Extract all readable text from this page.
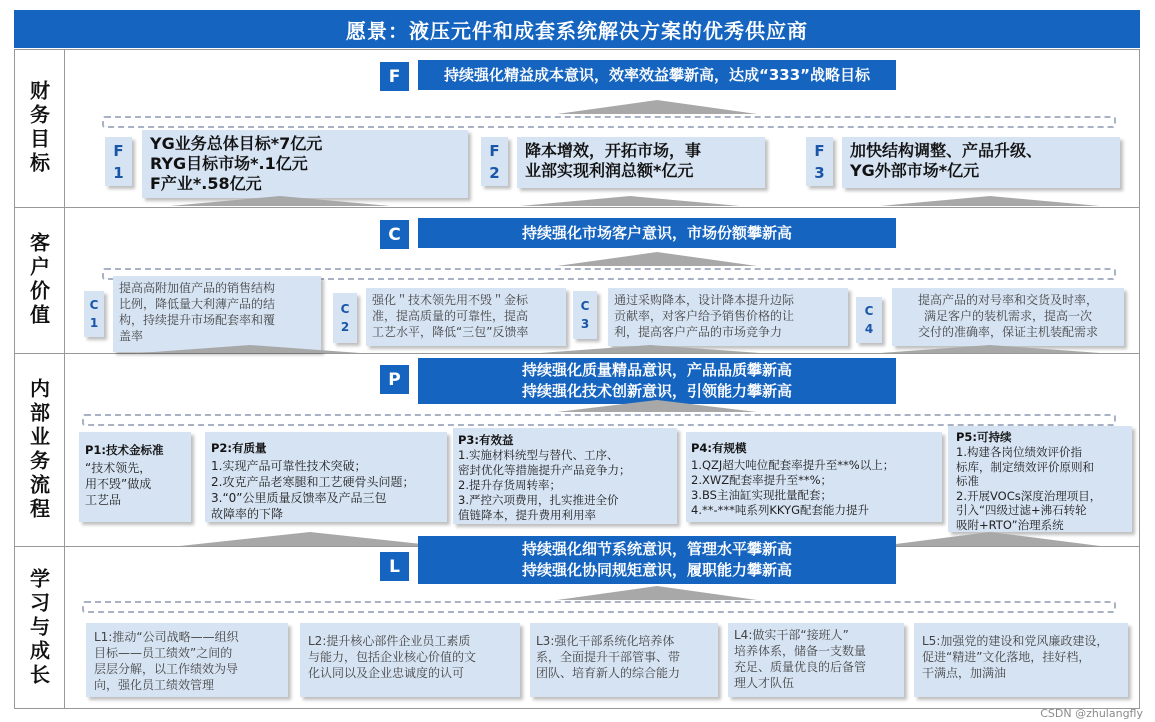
愿景：液压元件和成套系统解决方案的优秀供应商
财务目标
客户价值
内部业务流程
学习与成长
F	持续强化精益成本意识，效率效益攀新高，达成“333”战略目标
F
1
YG业务总体目标*7亿元
RYG目标市场*.1亿元
F产业*.58亿元
F
2
降本增效，开拓市场，事
业部实现利润总额*亿元
F
3
加快结构调整、产品升级、
YG外部市场*亿元
C	持续强化市场客户意识，市场份额攀新高
C
1
提高高附加值产品的销售结构
比例，降低量大利薄产品的结
构，持续提升市场配套率和覆
盖率
C
2
强化＂技术领先用不毁＂金标
准，提高质量的可靠性，提高
工艺水平，降低“三包”反馈率
C
3
通过采购降本，设计降本提升边际
贡献率，对客户给予销售价格的让
利，提高客户产品的市场竞争力
C
4
提高产品的对号率和交货及时率，
满足客户的装机需求，提高一次
交付的准确率，保证主机装配需求
P	持续强化质量精品意识，产品品质攀新高
持续强化技术创新意识，引领能力攀新高
P1:技术金标准
“技术领先，
用不毁”做成
工艺品
P2:有质量
1.实现产品可靠性技术突破；
2.攻克产品老寒腿和工艺硬骨头问题；
3.“0”公里质量反馈率及产品三包
故障率的下降
P3:有效益
1.实施材料统型与替代、工序、
密封优化等措施提升产品竞争力；
2.提升存货周转率；
3.严控六项费用，扎实推进全价
值链降本，提升费用利用率
P4:有规模
1.QZJ超大吨位配套率提升至**%以上；
2.XWZ配套率提升至**%；
3.BS主油缸实现批量配套；
4.**-***吨系列KKYG配套能力提升
P5:可持续
1.构建各岗位绩效评价指
标库，制定绩效评价原则和
标准
2.开展VOCs深度治理项目，
引入“四级过滤+沸石转轮
吸附+RTO”治理系统
L
持续强化细节系统意识，管理水平攀新高
持续强化协同规矩意识，履职能力攀新高
L1:推动“公司战略——组织
目标——员工绩效”之间的
层层分解，以工作绩效为导
向，强化员工绩效管理
L2:提升核心部件企业员工素质
与能力，包括企业核心价值的文
化认同以及企业忠诚度的认可
L3:强化干部系统化培养体
系，全面提升干部管事、带
团队、培育新人的综合能力
L4:做实干部“接班人”
培养体系，储备一支数量
充足、质量优良的后备管
理人才队伍
L5:加强党的建设和党风廉政建设，
促进“精进”文化落地，挂好档，
干满点，加满油
CSDN @zhulangfly
